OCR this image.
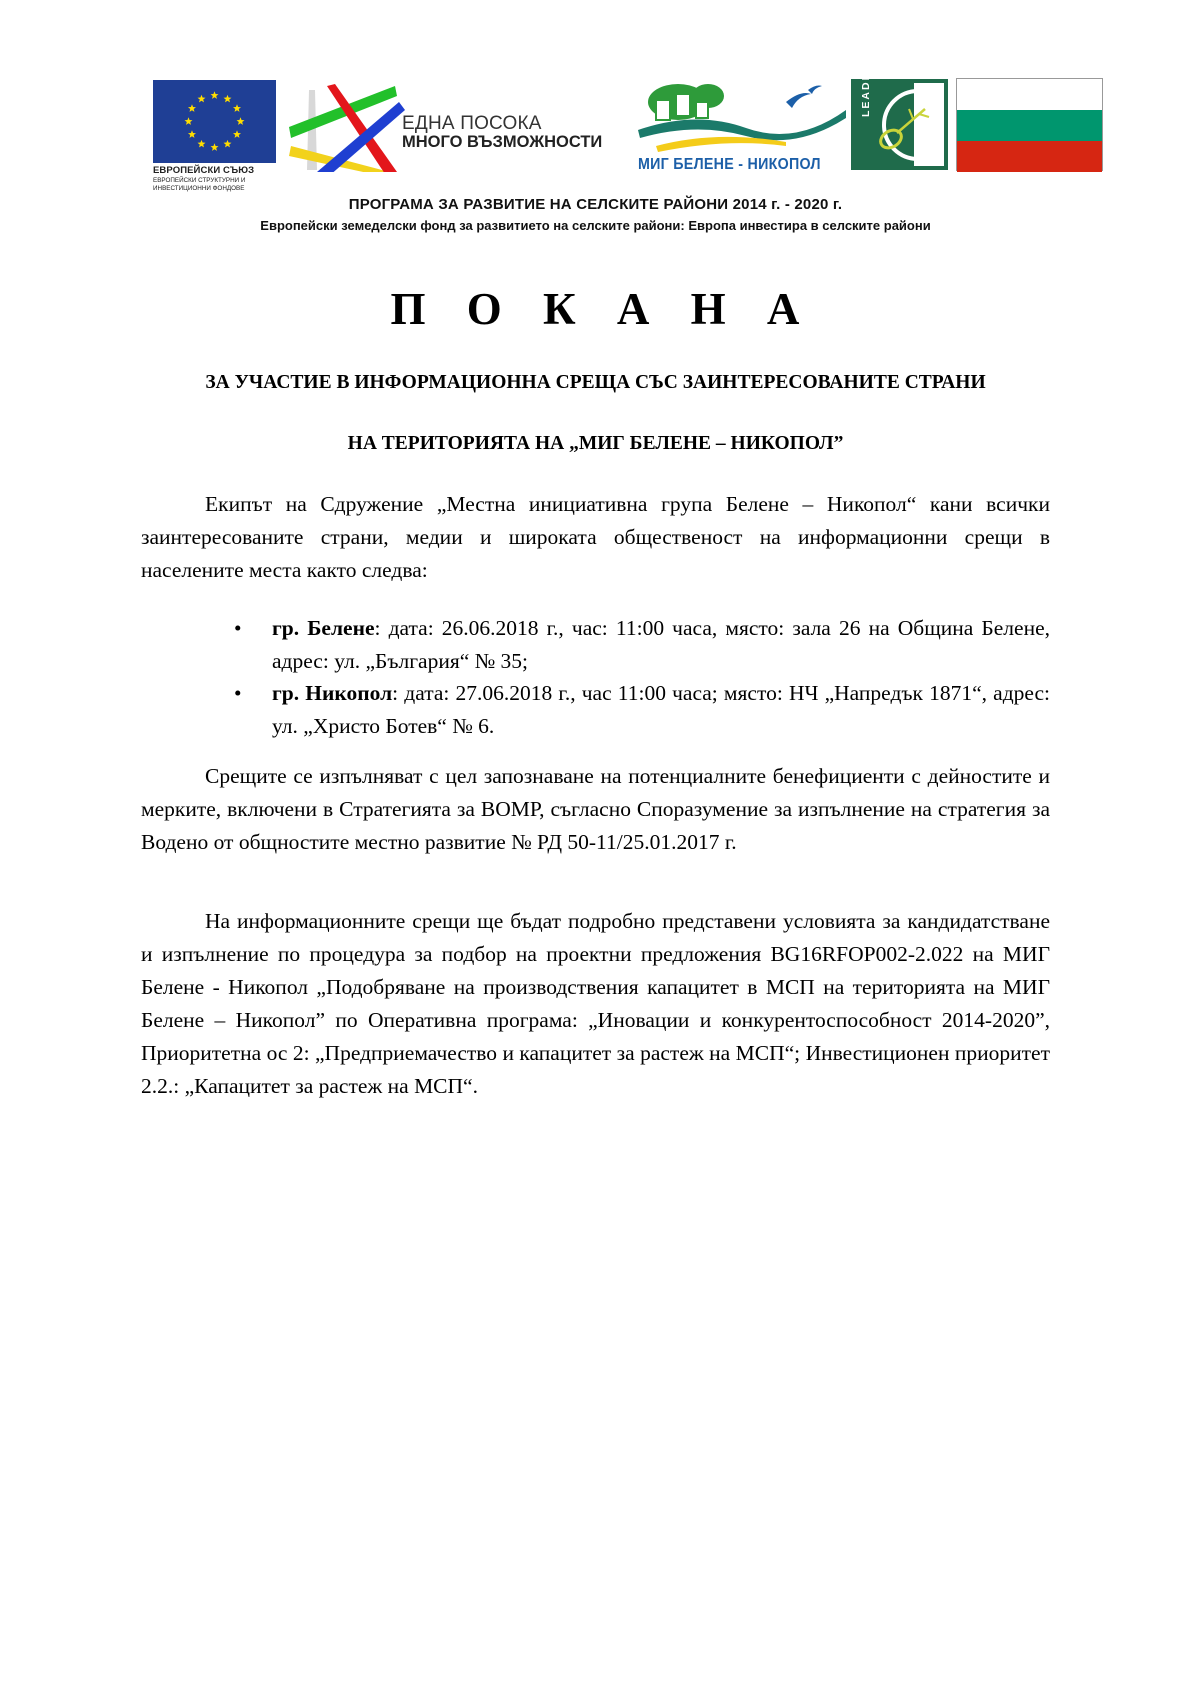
ЕВРОПЕЙСКИ СЪЮЗ
ЕВРОПЕЙСКИ СТРУКТУРНИ И ИНВЕСТИЦИОННИ ФОНДОВЕ
ЕДНА ПОСОКА
МНОГО ВЪЗМОЖНОСТИ
МИГ БЕЛЕНЕ - НИКОПОЛ
LEADER
ПРОГРАМА ЗА РАЗВИТИЕ НА СЕЛСКИТЕ РАЙОНИ 2014 г. - 2020 г.
Европейски земеделски фонд за развитието на селските райони: Европа инвестира в селските райони
П О К А Н А
ЗА УЧАСТИЕ В ИНФОРМАЦИОННА СРЕЩА СЪС ЗАИНТЕРЕСОВАНИТЕ СТРАНИ
НА ТЕРИТОРИЯТА НА „МИГ БЕЛЕНЕ – НИКОПОЛ”
Екипът на Сдружение „Местна инициативна група Белене – Никопол“ кани всички заинтересованите страни, медии и широката общественост на информационни срещи в населените места както следва:
• гр. Белене: дата: 26.06.2018 г., час: 11:00 часа, място: зала 26 на Община Белене, адрес: ул. „България“ № 35;
• гр. Никопол: дата: 27.06.2018 г., час 11:00 часа; място: НЧ „Напредък 1871“, адрес: ул. „Христо Ботев“ № 6.
Срещите се изпълняват с цел запознаване на потенциалните бенефициенти с дейностите и мерките, включени в Стратегията за ВОМР, съгласно Споразумение за изпълнение на стратегия за Водено от общностите местно развитие № РД 50-11/25.01.2017 г.
На информационните срещи ще бъдат подробно представени условията за кандидатстване и изпълнение по процедура за подбор на проектни предложения BG16RFOP002-2.022 на МИГ Белене - Никопол „Подобряване на производствения капацитет в МСП на територията на МИГ Белене – Никопол” по Оперативна програма: „Иновации и конкурентоспособност 2014-2020”, Приоритетна ос 2: „Предприемачество и капацитет за растеж на МСП“; Инвестиционен приоритет 2.2.: „Капацитет за растеж на МСП“.
